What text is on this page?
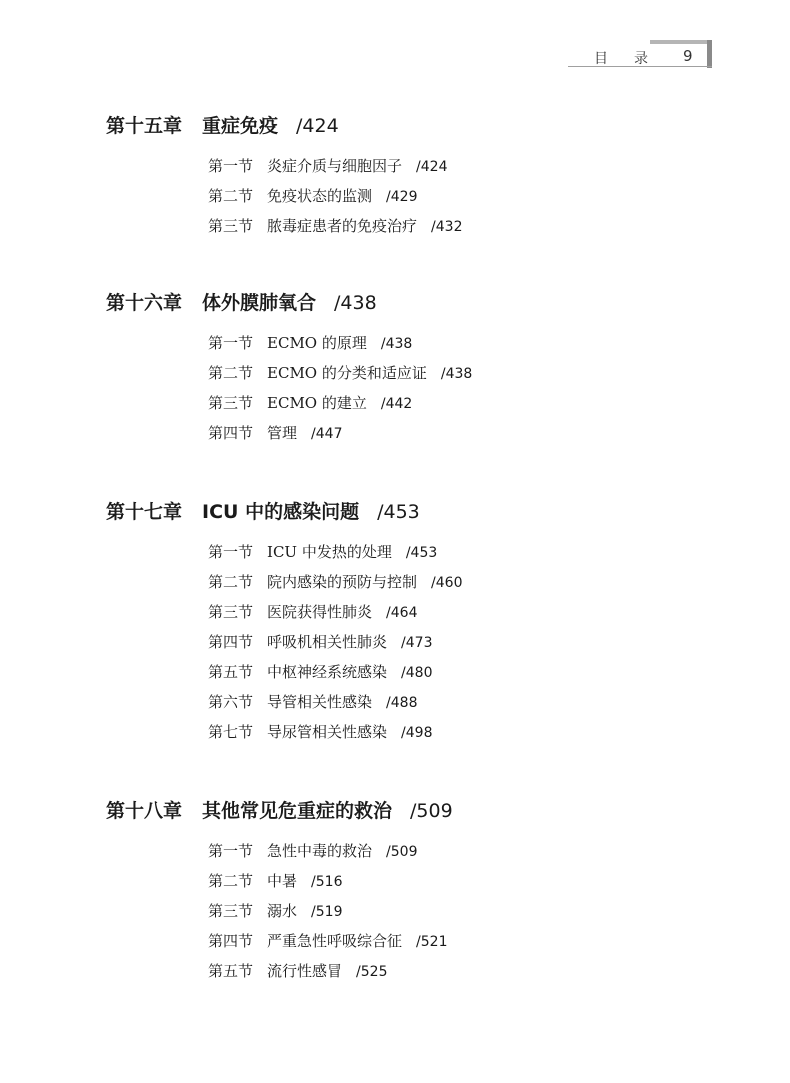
目录 9
第十五章 重症免疫 /424
第一节 炎症介质与细胞因子 /424
第二节 免疫状态的监测 /429
第三节 脓毒症患者的免疫治疗 /432
第十六章 体外膜肺氧合 /438
第一节 ECMO 的原理 /438
第二节 ECMO 的分类和适应证 /438
第三节 ECMO 的建立 /442
第四节 管理 /447
第十七章 ICU 中的感染问题 /453
第一节 ICU 中发热的处理 /453
第二节 院内感染的预防与控制 /460
第三节 医院获得性肺炎 /464
第四节 呼吸机相关性肺炎 /473
第五节 中枢神经系统感染 /480
第六节 导管相关性感染 /488
第七节 导尿管相关性感染 /498
第十八章 其他常见危重症的救治 /509
第一节 急性中毒的救治 /509
第二节 中暑 /516
第三节 溺水 /519
第四节 严重急性呼吸综合征 /521
第五节 流行性感冒 /525
